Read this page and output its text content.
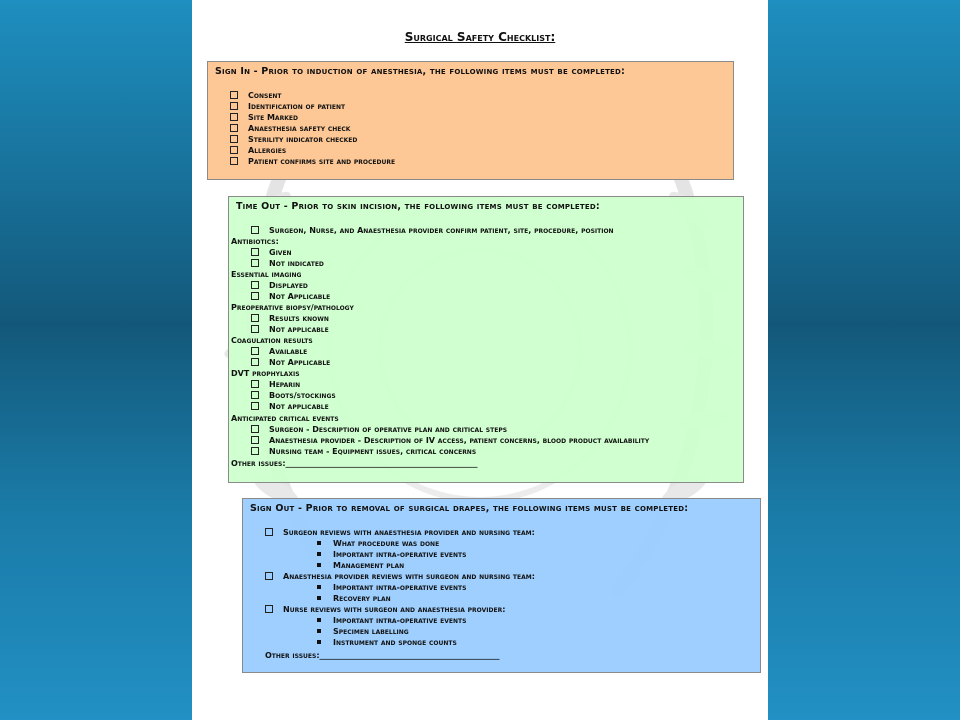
Surgical Safety Checklist:
Sign In - Prior to induction of anesthesia, the following items must be completed:
Consent
Identification of patient
Site Marked
Anaesthesia safety check
Sterility indicator checked
Allergies
Patient confirms site and procedure
Time Out - Prior to skin incision, the following items must be completed:
Surgeon, Nurse, and Anaesthesia provider confirm patient, site, procedure, position
Antibiotics:
Given
Not indicated
Essential imaging
Displayed
Not Applicable
Preoperative biopsy/pathology
Results known
Not applicable
Coagulation results
Available
Not Applicable
DVT prophylaxis
Heparin
Boots/stockings
Not applicable
Anticipated critical events
Surgeon - Description of operative plan and critical steps
Anaesthesia provider - Description of IV access, patient concerns, blood product availability
Nursing team - Equipment issues, critical concerns
Other issues:________________________________________________
Sign Out - Prior to removal of surgical drapes, the following items must be completed:
Surgeon reviews with anaesthesia provider and nursing team:
What procedure was done
Important intra-operative events
Management plan
Anaesthesia provider reviews with surgeon and nursing team:
Important intra-operative events
Recovery plan
Nurse reviews with surgeon and anaesthesia provider:
Important intra-operative events
Specimen labelling
Instrument and sponge counts
Other issues:_____________________________________________
